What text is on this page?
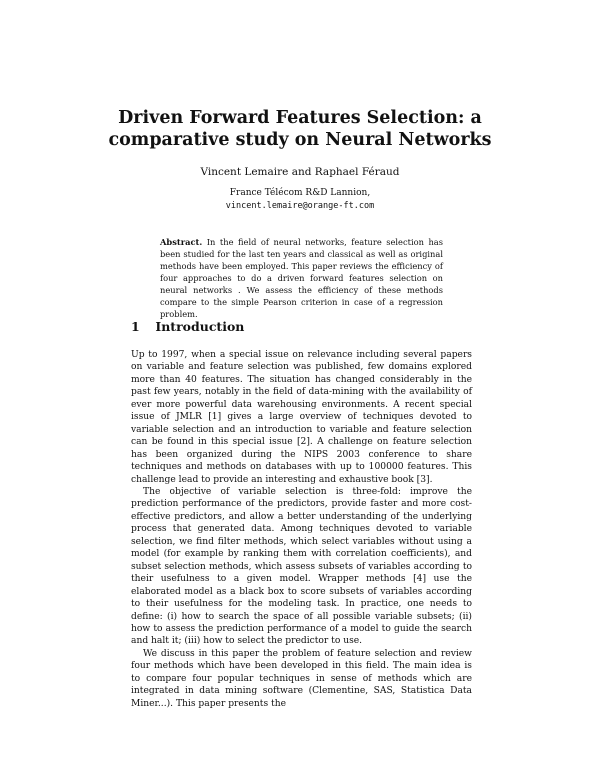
Driven Forward Features Selection: a
comparative study on Neural Networks
Vincent Lemaire and Raphael Féraud
France Télécom R&D Lannion,
vincent.lemaire@orange-ft.com
Abstract. In the field of neural networks, feature selection has been studied for the last ten years and classical as well as original methods have been employed. This paper reviews the efficiency of four approaches to do a driven forward features selection on neural networks . We assess the efficiency of these methods compare to the simple Pearson criterion in case of a regression problem.
1 Introduction

Up to 1997, when a special issue on relevance including several papers on variable and feature selection was published, few domains explored more than 40 features. The situation has changed considerably in the past few years, notably in the field of data-mining with the availability of ever more powerful data warehousing environments. A recent special issue of JMLR [1] gives a large overview of techniques devoted to variable selection and an introduction to variable and feature selection can be found in this special issue [2]. A challenge on feature selection has been organized during the NIPS 2003 conference to share techniques and methods on databases with up to 100000 features. This challenge lead to provide an interesting and exhaustive book [3].

The objective of variable selection is three-fold: improve the prediction performance of the predictors, provide faster and more cost-effective predictors, and allow a better understanding of the underlying process that generated data. Among techniques devoted to variable selection, we find filter methods, which select variables without using a model (for example by ranking them with correlation coefficients), and subset selection methods, which assess subsets of variables according to their usefulness to a given model. Wrapper methods [4] use the elaborated model as a black box to score subsets of variables according to their usefulness for the modeling task. In practice, one needs to define: (i) how to search the space of all possible variable subsets; (ii) how to assess the prediction performance of a model to guide the search and halt it; (iii) how to select the predictor to use.

We discuss in this paper the problem of feature selection and review four methods which have been developed in this field. The main idea is to compare four popular techniques in sense of methods which are integrated in data mining software (Clementine, SAS, Statistica Data Miner...). This paper presents the
